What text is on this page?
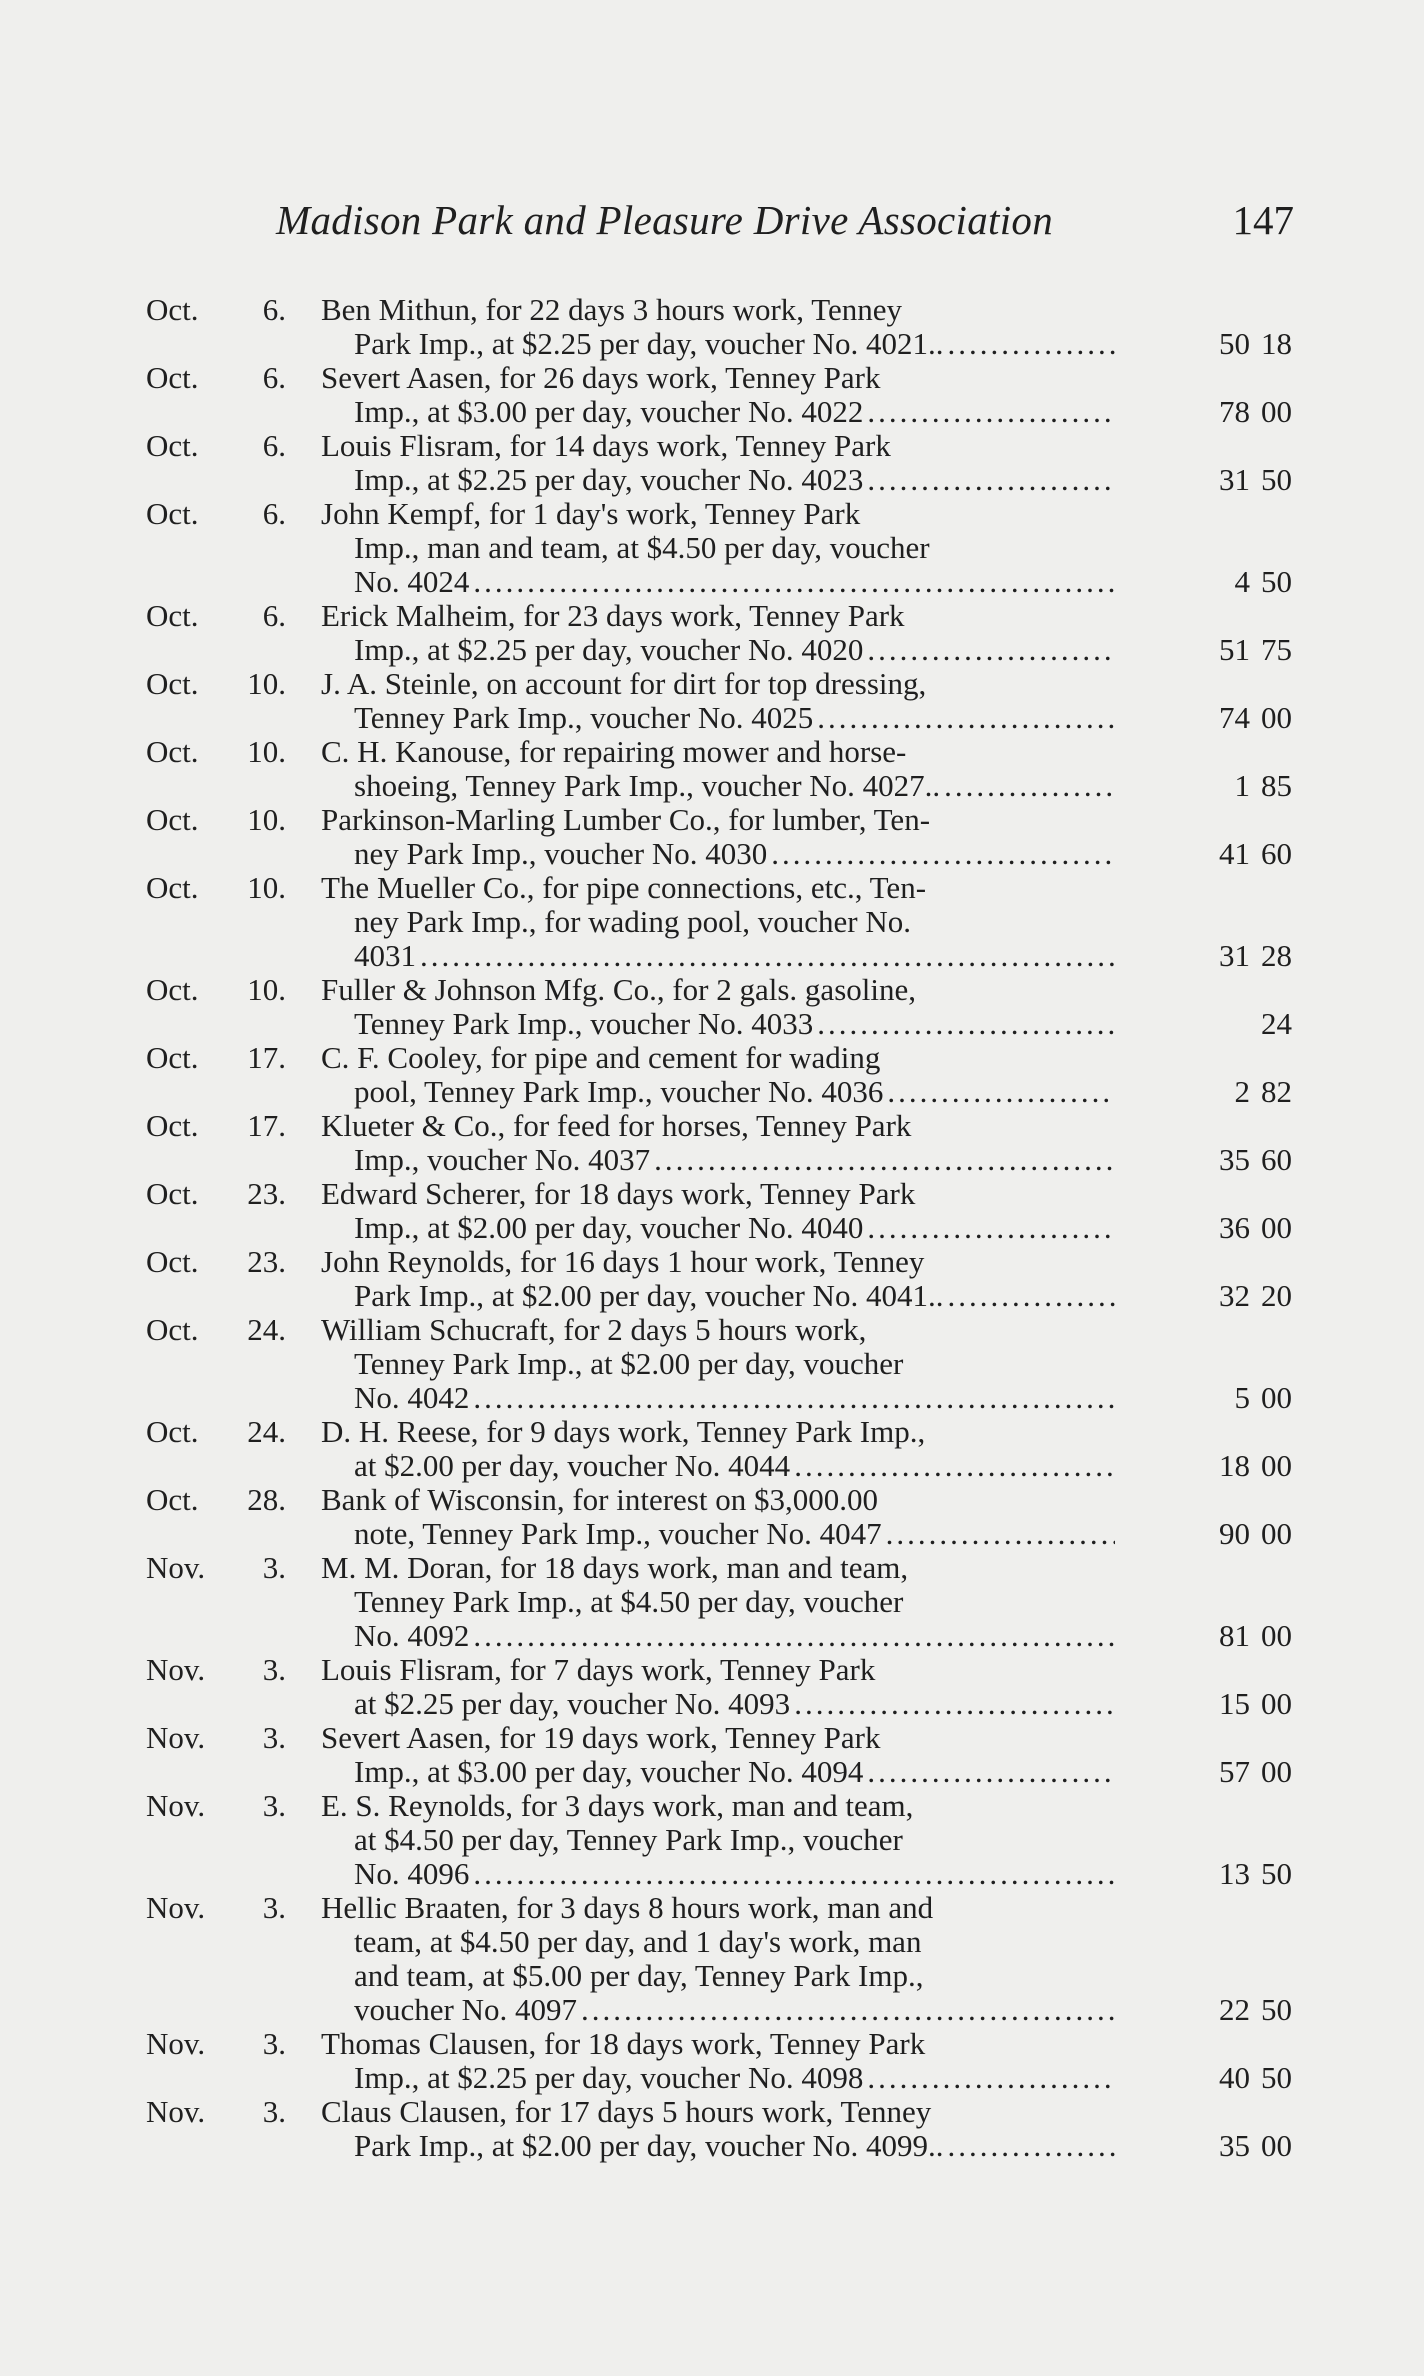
Madison Park and Pleasure Drive Association	147
Oct. 6. Ben Mithun, for 22 days 3 hours work, Tenney
Park Imp., at $2.25 per day, voucher No. 4021.. .....	50 18
Oct. 6. Severt Aasen, for 26 days work, Tenney Park
Imp., at $3.00 per day, voucher No. 4022 .....	78 00
Oct. 6. Louis Flisram, for 14 days work, Tenney Park
Imp., at $2.25 per day, voucher No. 4023 .....	31 50
Oct. 6. John Kempf, for 1 day's work, Tenney Park
Imp., man and team, at $4.50 per day, voucher
No. 4024 .....	4 50
Oct. 6. Erick Malheim, for 23 days work, Tenney Park
Imp., at $2.25 per day, voucher No. 4020 .....	51 75
Oct. 10. J. A. Steinle, on account for dirt for top dressing,
Tenney Park Imp., voucher No. 4025 .....	74 00
Oct. 10. C. H. Kanouse, for repairing mower and horse-
shoeing, Tenney Park Imp., voucher No. 4027.. .....	1 85
Oct. 10. Parkinson-Marling Lumber Co., for lumber, Ten-
ney Park Imp., voucher No. 4030 .....	41 60
Oct. 10. The Mueller Co., for pipe connections, etc., Ten-
ney Park Imp., for wading pool, voucher No.
4031 .....	31 28
Oct. 10. Fuller & Johnson Mfg. Co., for 2 gals. gasoline,
Tenney Park Imp., voucher No. 4033 .....	24
Oct. 17. C. F. Cooley, for pipe and cement for wading
pool, Tenney Park Imp., voucher No. 4036 .....	2 82
Oct. 17. Klueter & Co., for feed for horses, Tenney Park
Imp., voucher No. 4037 .....	35 60
Oct. 23. Edward Scherer, for 18 days work, Tenney Park
Imp., at $2.00 per day, voucher No. 4040 .....	36 00
Oct. 23. John Reynolds, for 16 days 1 hour work, Tenney
Park Imp., at $2.00 per day, voucher No. 4041.. .....	32 20
Oct. 24. William Schucraft, for 2 days 5 hours work,
Tenney Park Imp., at $2.00 per day, voucher
No. 4042 .....	5 00
Oct. 24. D. H. Reese, for 9 days work, Tenney Park Imp.,
at $2.00 per day, voucher No. 4044 .....	18 00
Oct. 28. Bank of Wisconsin, for interest on $3,000.00
note, Tenney Park Imp., voucher No. 4047 .....	90 00
Nov. 3. M. M. Doran, for 18 days work, man and team,
Tenney Park Imp., at $4.50 per day, voucher
No. 4092 .....	81 00
Nov. 3. Louis Flisram, for 7 days work, Tenney Park
at $2.25 per day, voucher No. 4093 .....	15 00
Nov. 3. Severt Aasen, for 19 days work, Tenney Park
Imp., at $3.00 per day, voucher No. 4094 .....	57 00
Nov. 3. E. S. Reynolds, for 3 days work, man and team,
at $4.50 per day, Tenney Park Imp., voucher
No. 4096 .....	13 50
Nov. 3. Hellic Braaten, for 3 days 8 hours work, man and
team, at $4.50 per day, and 1 day's work, man
and team, at $5.00 per day, Tenney Park Imp.,
voucher No. 4097 .....	22 50
Nov. 3. Thomas Clausen, for 18 days work, Tenney Park
Imp., at $2.25 per day, voucher No. 4098 .....	40 50
Nov. 3. Claus Clausen, for 17 days 5 hours work, Tenney
Park Imp., at $2.00 per day, voucher No. 4099.. .....	35 00
